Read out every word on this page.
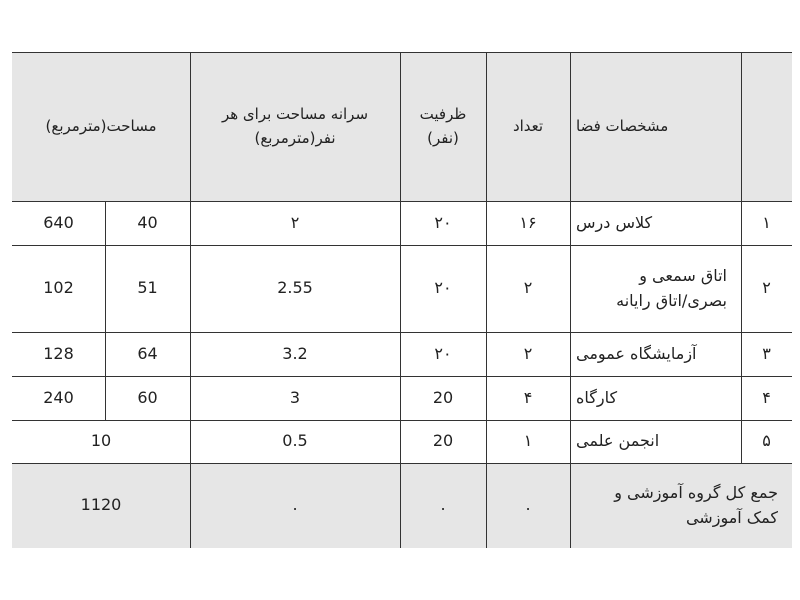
مشخصات فضا
تعداد
ظرفیت (نفر)
سرانه مساحت برای هر نفر(مترمربع)
مساحت(مترمربع)
۱
کلاس درس
۱۶
۲۰
۲
40
640
۲
اتاق سمعی و بصری/اتاق رایانه
۲
۲۰
2.55
51
102
۳
آزمایشگاه عمومی
۲
۲۰
3.2
64
128
۴
کارگاه
۴
20
3
60
240
۵
انجمن علمی
۱
20
0.5
10
جمع کل گروه آموزشی و کمک آموزشی
.
.
.
1120
